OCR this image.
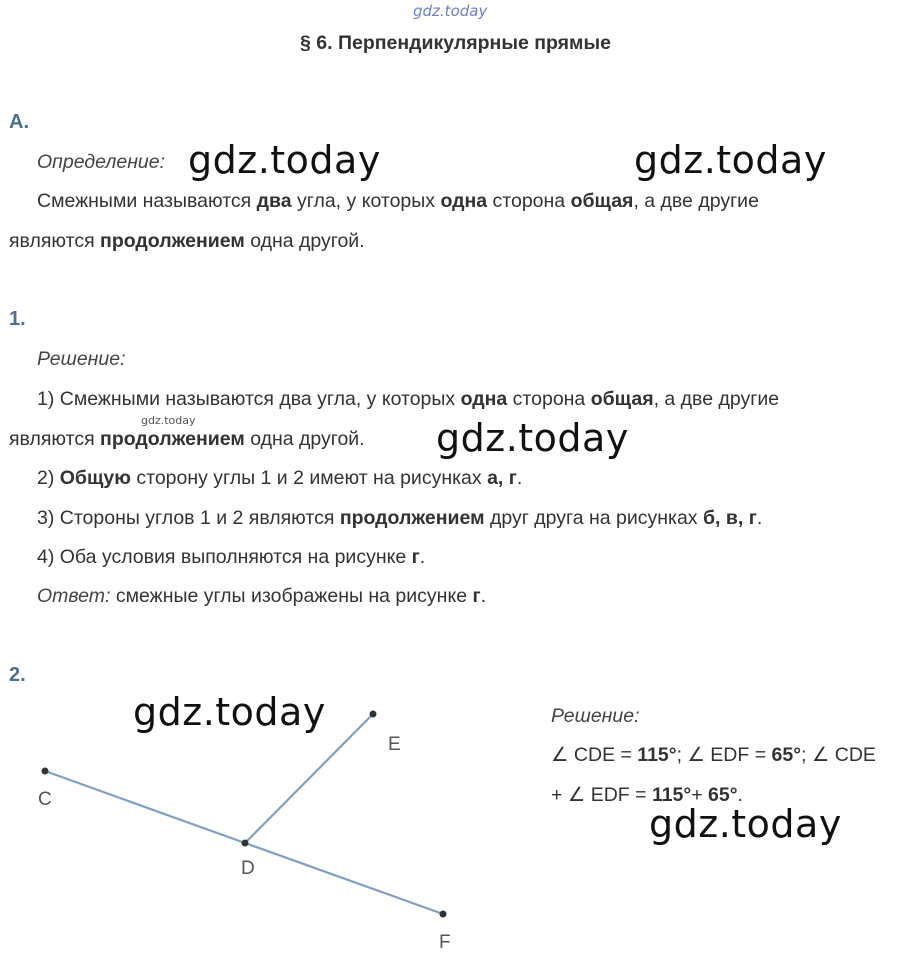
gdz.today
§ 6. Перпендикулярные прямые
А.
Определение: gdz.today	gdz.today
Смежными называются два угла, у которых одна сторона общая, а две другие
являются продолжением одна другой.
1.
Решение:
1) Смежными называются два угла, у которых одна сторона общая, а две другие
gdz.today
являются продолжением одна другой. gdz.today
2) Общую сторону углы 1 и 2 имеют на рисунках а, г.
3) Стороны углов 1 и 2 являются продолжением друг друга на рисунках б, в, г.
4) Оба условия выполняются на рисунке г.
Ответ: смежные углы изображены на рисунке г.
2.
C
D
E
F
gdz.today	Решение:
∠ CDE = 115°; ∠ EDF = 65°; ∠ CDE
+ ∠ EDF = 115°+ 65°.
gdz.today
